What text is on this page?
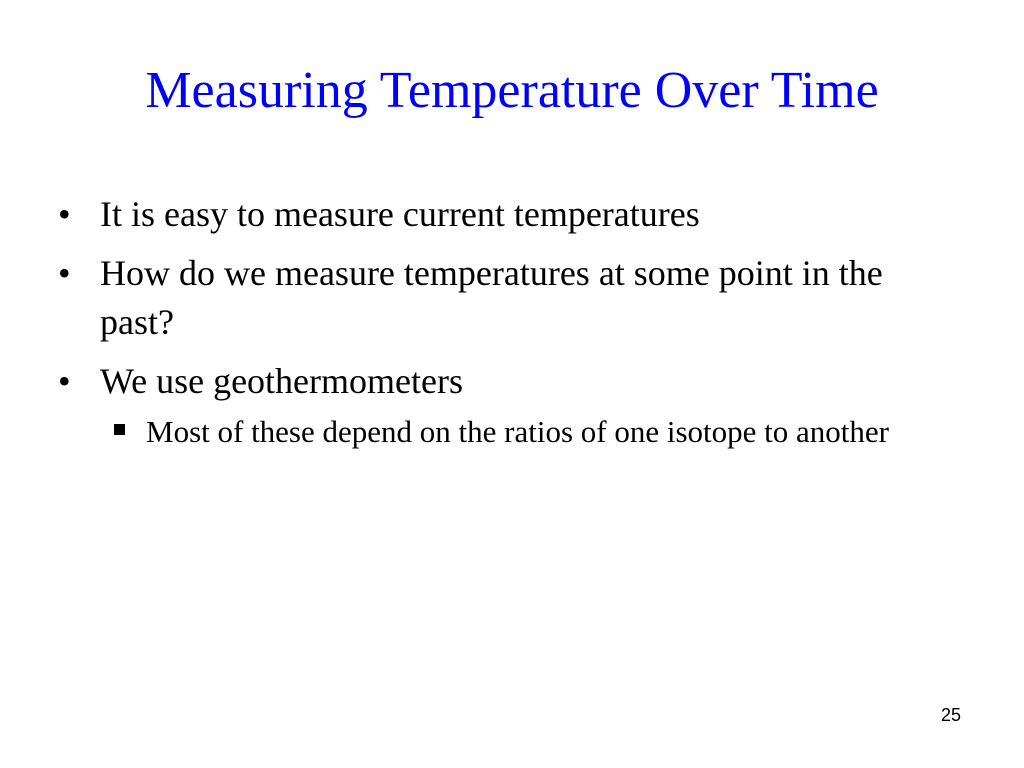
Measuring Temperature Over Time
• It is easy to measure current temperatures
• How do we measure temperatures at some point in the past?
• We use geothermometers
Most of these depend on the ratios of one isotope to another
25
